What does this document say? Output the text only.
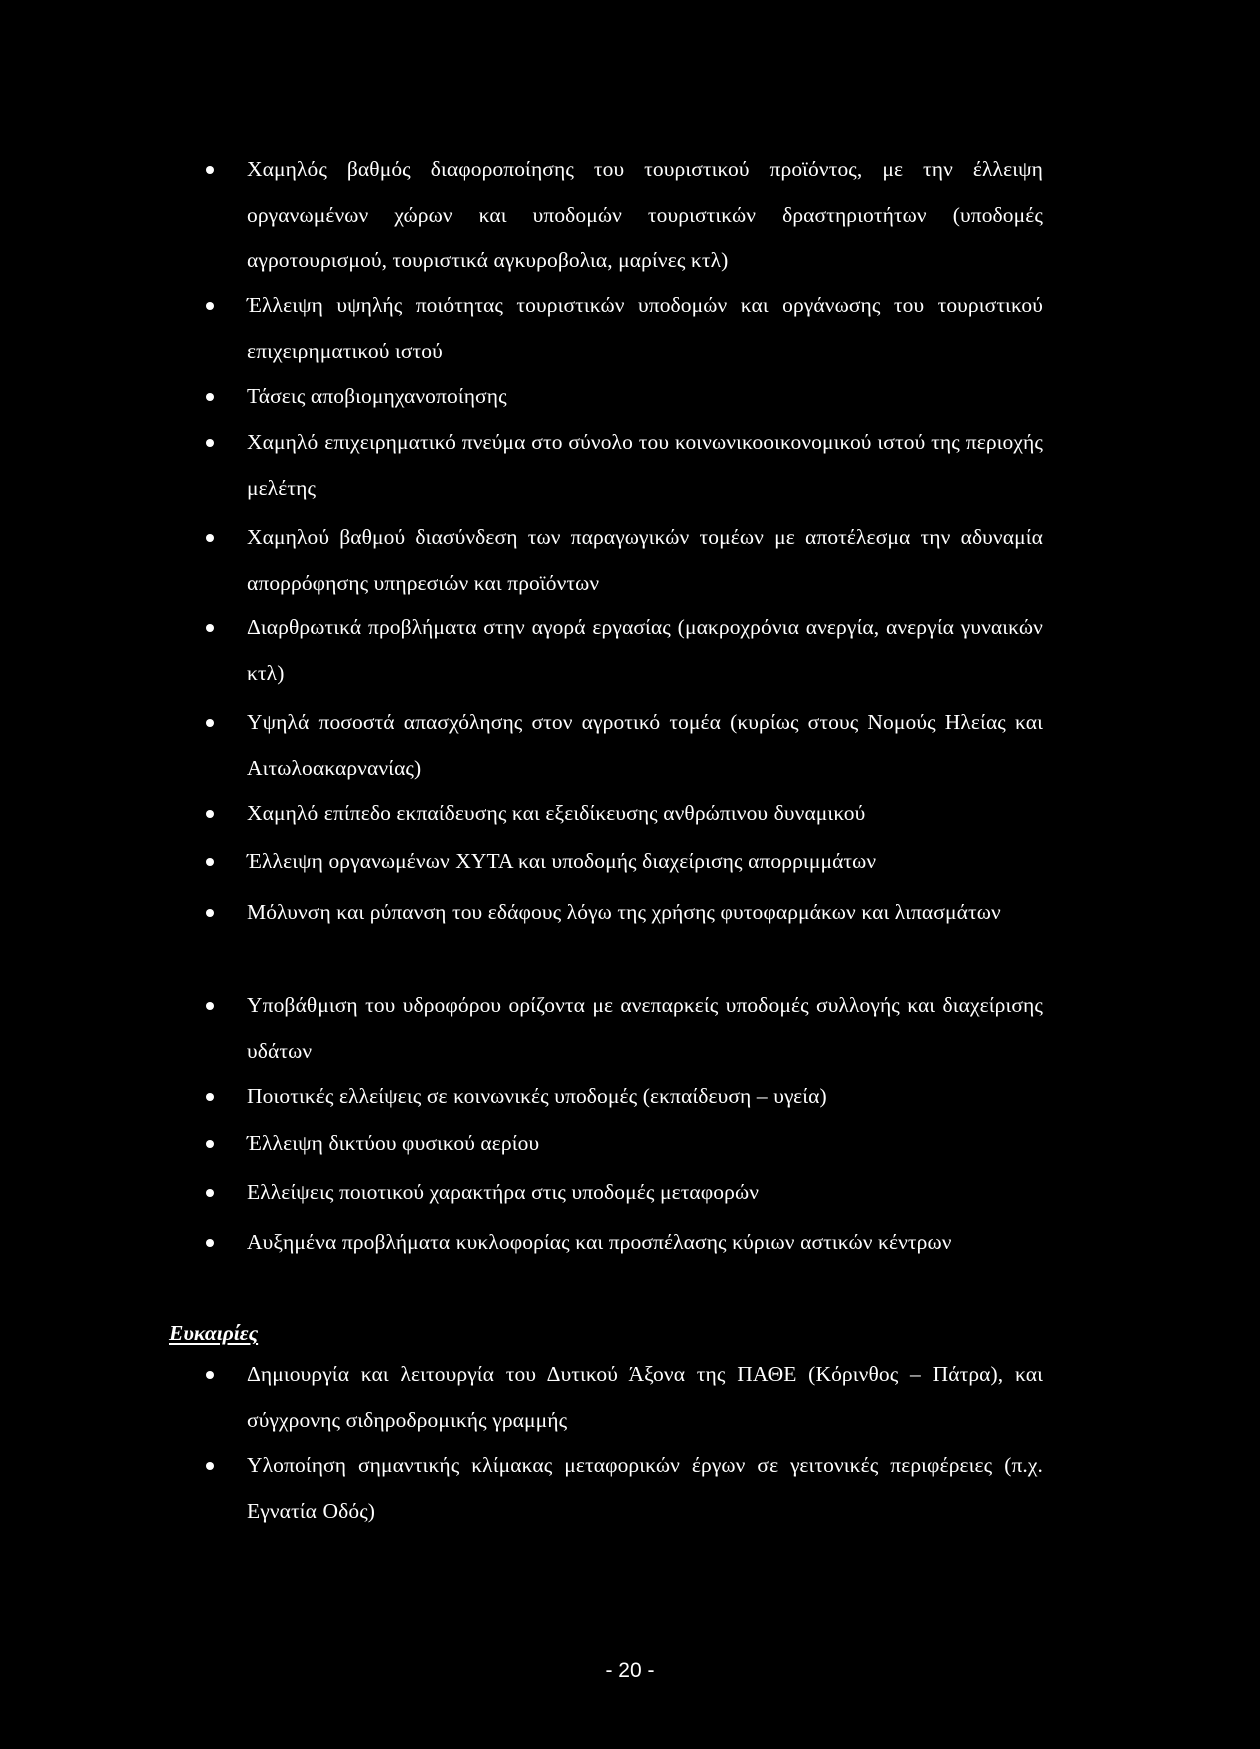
Χαμηλός βαθμός διαφοροποίησης του τουριστικού προϊόντος, με την έλλειψη οργανωμένων χώρων και υποδομών τουριστικών δραστηριοτήτων (υποδομές αγροτουρισμού, τουριστικά αγκυροβολια, μαρίνες κτλ)
Έλλειψη υψηλής ποιότητας τουριστικών υποδομών και οργάνωσης του τουριστικού επιχειρηματικού ιστού
Τάσεις αποβιομηχανοποίησης
Χαμηλό επιχειρηματικό πνεύμα στο σύνολο του κοινωνικοοικονομικού ιστού της περιοχής μελέτης
Χαμηλού βαθμού διασύνδεση των παραγωγικών τομέων με αποτέλεσμα την αδυναμία απορρόφησης υπηρεσιών και προϊόντων
Διαρθρωτικά προβλήματα στην αγορά εργασίας (μακροχρόνια ανεργία, ανεργία γυναικών κτλ)
Υψηλά ποσοστά απασχόλησης στον αγροτικό τομέα (κυρίως στους Νομούς Ηλείας και Αιτωλοακαρνανίας)
Χαμηλό επίπεδο εκπαίδευσης και εξειδίκευσης ανθρώπινου δυναμικού
Έλλειψη οργανωμένων ΧΥΤΑ και υποδομής διαχείρισης απορριμμάτων
Μόλυνση και ρύπανση του εδάφους λόγω της χρήσης φυτοφαρμάκων και λιπασμάτων
Υποβάθμιση του υδροφόρου ορίζοντα με ανεπαρκείς υποδομές συλλογής και διαχείρισης υδάτων
Ποιοτικές ελλείψεις σε κοινωνικές υποδομές (εκπαίδευση – υγεία)
Έλλειψη δικτύου φυσικού αερίου
Ελλείψεις ποιοτικού χαρακτήρα στις υποδομές μεταφορών
Αυξημένα προβλήματα κυκλοφορίας και προσπέλασης κύριων αστικών κέντρων
Ευκαιρίες
Δημιουργία και λειτουργία του Δυτικού Άξονα της ΠΑΘΕ (Κόρινθος – Πάτρα), και σύγχρονης σιδηροδρομικής γραμμής
Υλοποίηση σημαντικής κλίμακας μεταφορικών έργων σε γειτονικές περιφέρειες (π.χ. Εγνατία Οδός)
- 20 -
